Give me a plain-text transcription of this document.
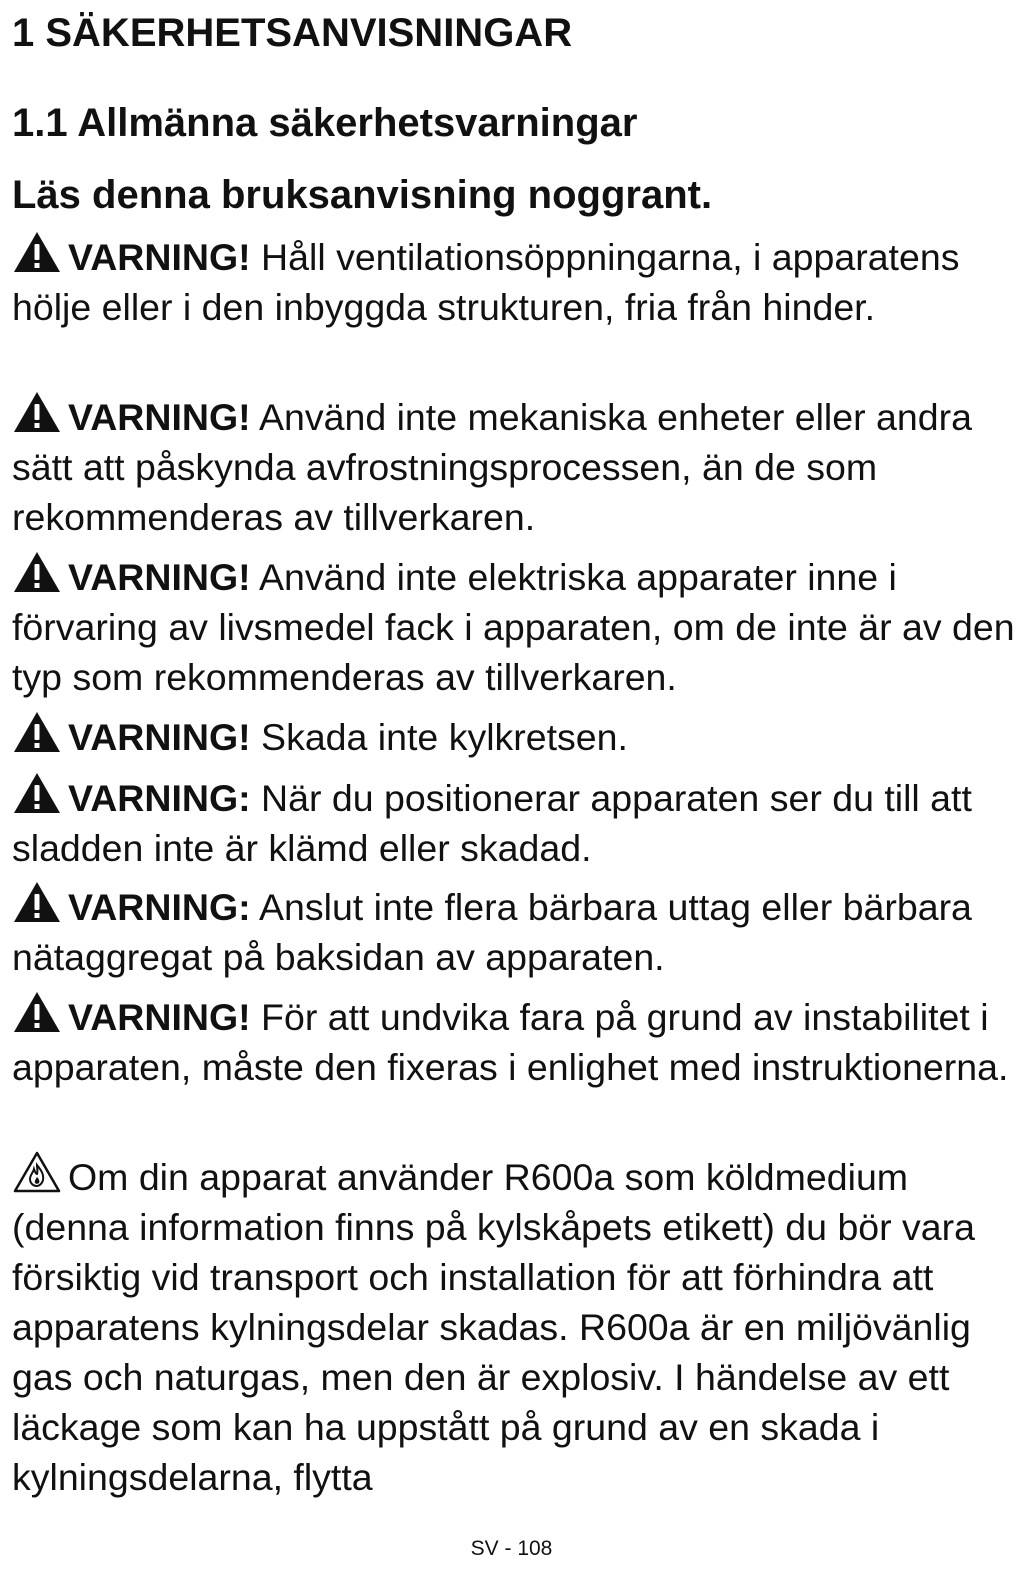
1 SÄKERHETSANVISNINGAR
1.1 Allmänna säkerhetsvarningar

Läs denna bruksanvisning noggrant.

VARNING! Håll ventilationsöppningarna, i apparatens hölje eller i den inbyggda strukturen, fria från hinder.

VARNING! Använd inte mekaniska enheter eller andra sätt att påskynda avfrostningsprocessen, än de som rekommenderas av tillverkaren.

VARNING! Använd inte elektriska apparater inne i förvaring av livsmedel fack i apparaten, om de inte är av den typ som rekommenderas av tillverkaren.

VARNING! Skada inte kylkretsen.

VARNING: När du positionerar apparaten ser du till att sladden inte är klämd eller skadad.

VARNING: Anslut inte flera bärbara uttag eller bärbara nätaggregat på baksidan av apparaten.

VARNING! För att undvika fara på grund av instabilitet i apparaten, måste den fixeras i enlighet med instruktionerna.

Om din apparat använder R600a som köldmedium (denna information finns på kylskåpets etikett) du bör vara försiktig vid transport och installation för att förhindra att apparatens kylningsdelar skadas. R600a är en miljövänlig gas och naturgas, men den är explosiv. I händelse av ett läckage som kan ha uppstått på grund av en skada i kylningsdelarna, flytta

SV - 108
